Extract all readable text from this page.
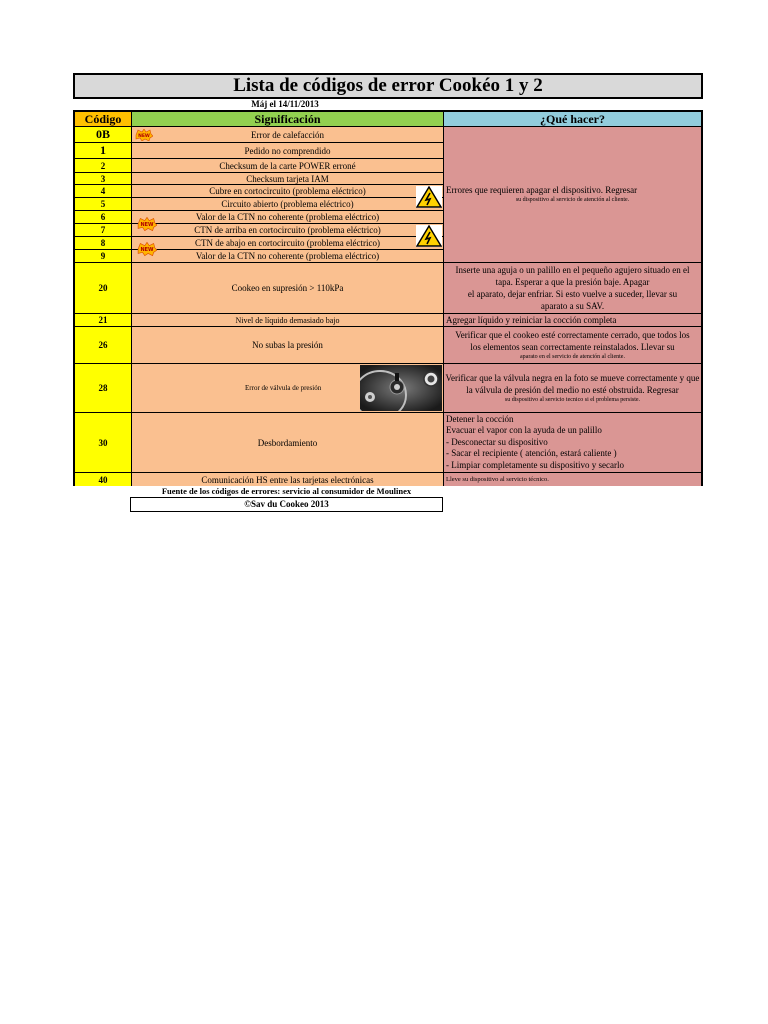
Lista de códigos de error Cookéo 1 y 2
Máj el 14/11/2013
Código	Significación	¿Qué hacer?
0B
1
2
3
4
5
6
7
8
9
20
21
26
28
30
40
Error de calefacción
Pedido no comprendido
Checksum de la carte POWER erroné
Checksum tarjeta IAM
Cubre en cortocircuito (problema eléctrico)
Circuito abierto (problema eléctrico)
Valor de la CTN no coherente (problema eléctrico)
CTN de arriba en cortocircuito (problema eléctrico)
CTN de abajo en cortocircuito (problema eléctrico)
Valor de la CTN no coherente (problema eléctrico)
Cookeo en supresión > 110kPa
Nivel de líquido demasiado bajo
No subas la presión
Error de válvula de presión
Desbordamiento
Comunicación HS entre las tarjetas electrónicas
Errores que requieren apagar el dispositivo. Regresar
su dispositivo al servicio de atención al cliente.
Inserte una aguja o un palillo en el pequeño agujero situado en el
tapa. Esperar a que la presión baje. Apagar
el aparato, dejar enfriar. Si esto vuelve a suceder, llevar su
aparato a su SAV.
Agregar líquido y reiniciar la cocción completa
Verificar que el cookeo esté correctamente cerrado, que todos los
los elementos sean correctamente reinstalados. Llevar su
aparato en el servicio de atención al cliente.
Verificar que la válvula negra en la foto se mueve correctamente y que
la válvula de presión del medio no esté obstruida. Regresar
su dispositivo al servicio tecnico si el problema persiste.
Detener la cocción
Evacuar el vapor con la ayuda de un palillo
- Desconectar su dispositivo
- Sacar el recipiente ( atención, estará caliente )
- Limpiar completamente su dispositivo y secarlo
Lleve su dispositivo al servicio técnico.
NEW
NEW
NEW
Fuente de los códigos de errores: servicio al consumidor de Moulinex
©Sav du Cookeo 2013
